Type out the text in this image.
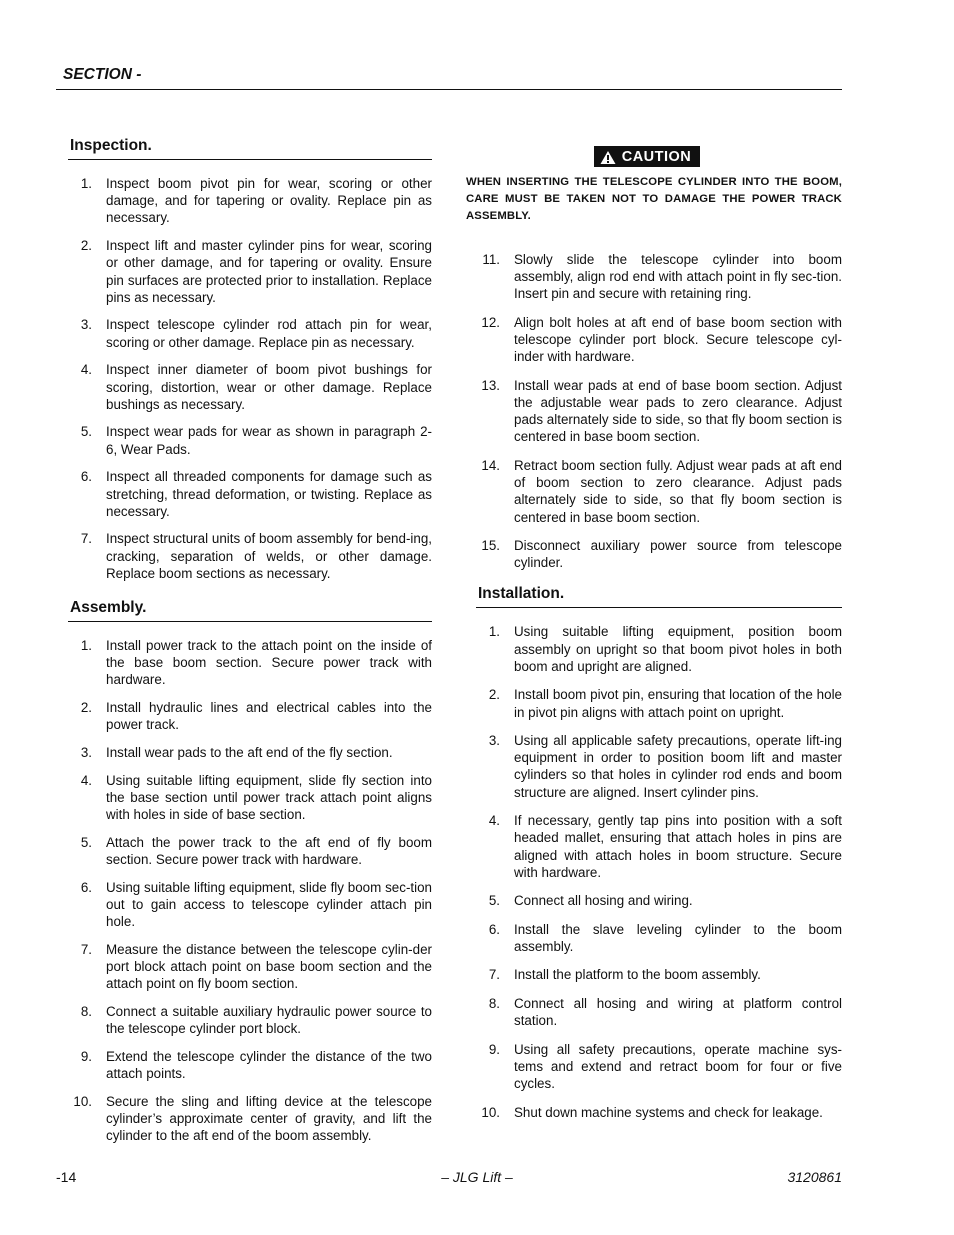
SECTION -
Inspection.
1. Inspect boom pivot pin for wear, scoring or other damage, and for tapering or ovality. Replace pin as necessary.
2. Inspect lift and master cylinder pins for wear, scoring or other damage, and for tapering or ovality. Ensure pin surfaces are protected prior to installation. Replace pins as necessary.
3. Inspect telescope cylinder rod attach pin for wear, scoring or other damage. Replace pin as necessary.
4. Inspect inner diameter of boom pivot bushings for scoring, distortion, wear or other damage. Replace bushings as necessary.
5. Inspect wear pads for wear as shown in paragraph 2-6, Wear Pads.
6. Inspect all threaded components for damage such as stretching, thread deformation, or twisting. Replace as necessary.
7. Inspect structural units of boom assembly for bend-ing, cracking, separation of welds, or other damage. Replace boom sections as necessary.
Assembly.
1. Install power track to the attach point on the inside of the base boom section. Secure power track with hardware.
2. Install hydraulic lines and electrical cables into the power track.
3. Install wear pads to the aft end of the fly section.
4. Using suitable lifting equipment, slide fly section into the base section until power track attach point aligns with holes in side of base section.
5. Attach the power track to the aft end of fly boom section. Secure power track with hardware.
6. Using suitable lifting equipment, slide fly boom sec-tion out to gain access to telescope cylinder attach pin hole.
7. Measure the distance between the telescope cylin-der port block attach point on base boom section and the attach point on fly boom section.
8. Connect a suitable auxiliary hydraulic power source to the telescope cylinder port block.
9. Extend the telescope cylinder the distance of the two attach points.
10. Secure the sling and lifting device at the telescope cylinder’s approximate center of gravity, and lift the cylinder to the aft end of the boom assembly.
CAUTION
WHEN INSERTING THE TELESCOPE CYLINDER INTO THE BOOM, CARE MUST BE TAKEN NOT TO DAMAGE THE POWER TRACK ASSEMBLY.
11. Slowly slide the telescope cylinder into boom assembly, align rod end with attach point in fly sec-tion. Insert pin and secure with retaining ring.
12. Align bolt holes at aft end of base boom section with telescope cylinder port block. Secure telescope cyl-inder with hardware.
13. Install wear pads at end of base boom section. Adjust the adjustable wear pads to zero clearance. Adjust pads alternately side to side, so that fly boom section is centered in base boom section.
14. Retract boom section fully. Adjust wear pads at aft end of boom section to zero clearance. Adjust pads alternately side to side, so that fly boom section is centered in base boom section.
15. Disconnect auxiliary power source from telescope cylinder.
Installation.
1. Using suitable lifting equipment, position boom assembly on upright so that boom pivot holes in both boom and upright are aligned.
2. Install boom pivot pin, ensuring that location of the hole in pivot pin aligns with attach point on upright.
3. Using all applicable safety precautions, operate lift-ing equipment in order to position boom lift and master cylinders so that holes in cylinder rod ends and boom structure are aligned. Insert cylinder pins.
4. If necessary, gently tap pins into position with a soft headed mallet, ensuring that attach holes in pins are aligned with attach holes in boom structure. Secure with hardware.
5. Connect all hosing and wiring.
6. Install the slave leveling cylinder to the boom assembly.
7. Install the platform to the boom assembly.
8. Connect all hosing and wiring at platform control station.
9. Using all safety precautions, operate machine sys-tems and extend and retract boom for four or five cycles.
10. Shut down machine systems and check for leakage.
-14	– JLG Lift –	3120861
